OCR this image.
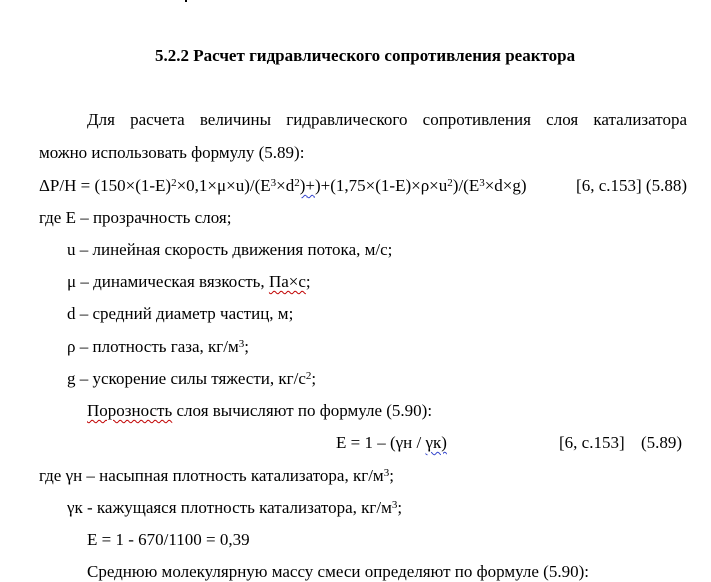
5.2.2 Расчет гидравлического сопротивления реактора
Для расчета величины гидравлического сопротивления слоя катализатора
можно использовать формулу (5.89):
$\Delta P/H = (150\times(1-E)^2\times 0,1\times\mu\times u)/(E^3\times d^2)+)+(1,75\times(1-E)\times\rho\times u^2)/(E^3\times d\times g)$	[6, с.153] (5.88)
где Е – прозрачность слоя;
u – линейная скорость движения потока, м/с;
μ – динамическая вязкость, Па×с;
d – средний диаметр частиц, м;
ρ – плотность газа, $кг/м^3$;
g – ускорение силы тяжести, $кг/с^2$;
Порозность слоя вычисляют по формуле (5.90):
E = 1 – (γн / γк)	[6, с.153] (5.89)
где γн – насыпная плотность катализатора, $кг/м^3$;
γк - кажущаяся плотность катализатора, $кг/м^3$;
E = 1 - 670/1100 = 0,39
Среднюю молекулярную массу смеси определяют по формуле (5.90):
